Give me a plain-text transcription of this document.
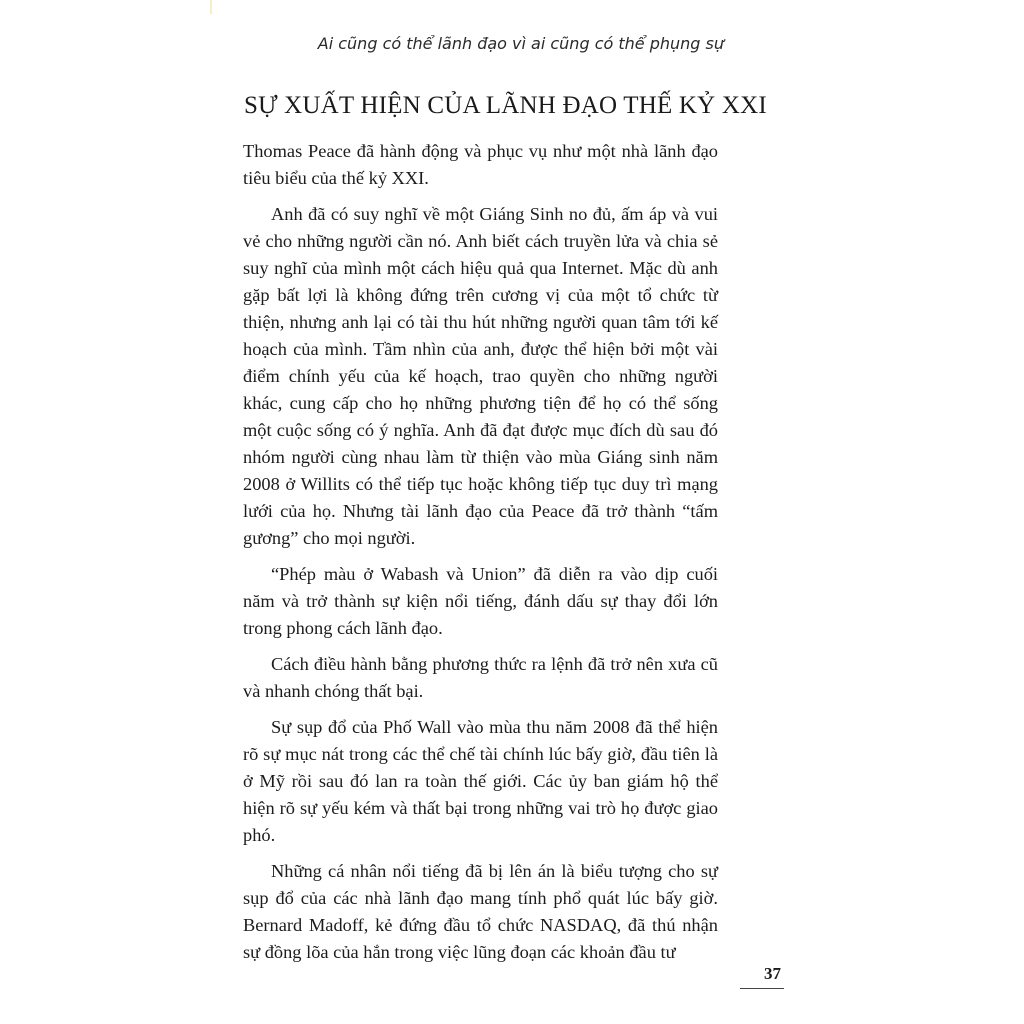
Ai cũng có thể lãnh đạo vì ai cũng có thể phụng sự
SỰ XUẤT HIỆN CỦA LÃNH ĐẠO THẾ KỶ XXI

Thomas Peace đã hành động và phục vụ như một nhà lãnh đạo tiêu biểu của thế kỷ XXI.

Anh đã có suy nghĩ về một Giáng Sinh no đủ, ấm áp và vui vẻ cho những người cần nó. Anh biết cách truyền lửa và chia sẻ suy nghĩ của mình một cách hiệu quả qua Internet. Mặc dù anh gặp bất lợi là không đứng trên cương vị của một tổ chức từ thiện, nhưng anh lại có tài thu hút những người quan tâm tới kế hoạch của mình. Tầm nhìn của anh, được thể hiện bởi một vài điểm chính yếu của kế hoạch, trao quyền cho những người khác, cung cấp cho họ những phương tiện để họ có thể sống một cuộc sống có ý nghĩa. Anh đã đạt được mục đích dù sau đó nhóm người cùng nhau làm từ thiện vào mùa Giáng sinh năm 2008 ở Willits có thể tiếp tục hoặc không tiếp tục duy trì mạng lưới của họ. Nhưng tài lãnh đạo của Peace đã trở thành “tấm gương” cho mọi người.

“Phép màu ở Wabash và Union” đã diễn ra vào dịp cuối năm và trở thành sự kiện nổi tiếng, đánh dấu sự thay đổi lớn trong phong cách lãnh đạo.

Cách điều hành bằng phương thức ra lệnh đã trở nên xưa cũ và nhanh chóng thất bại.

Sự sụp đổ của Phố Wall vào mùa thu năm 2008 đã thể hiện rõ sự mục nát trong các thể chế tài chính lúc bấy giờ, đầu tiên là ở Mỹ rồi sau đó lan ra toàn thế giới. Các ủy ban giám hộ thể hiện rõ sự yếu kém và thất bại trong những vai trò họ được giao phó.

Những cá nhân nổi tiếng đã bị lên án là biểu tượng cho sự sụp đổ của các nhà lãnh đạo mang tính phổ quát lúc bấy giờ. Bernard Madoff, kẻ đứng đầu tổ chức NASDAQ, đã thú nhận sự đồng lõa của hắn trong việc lũng đoạn các khoản đầu tư

37
